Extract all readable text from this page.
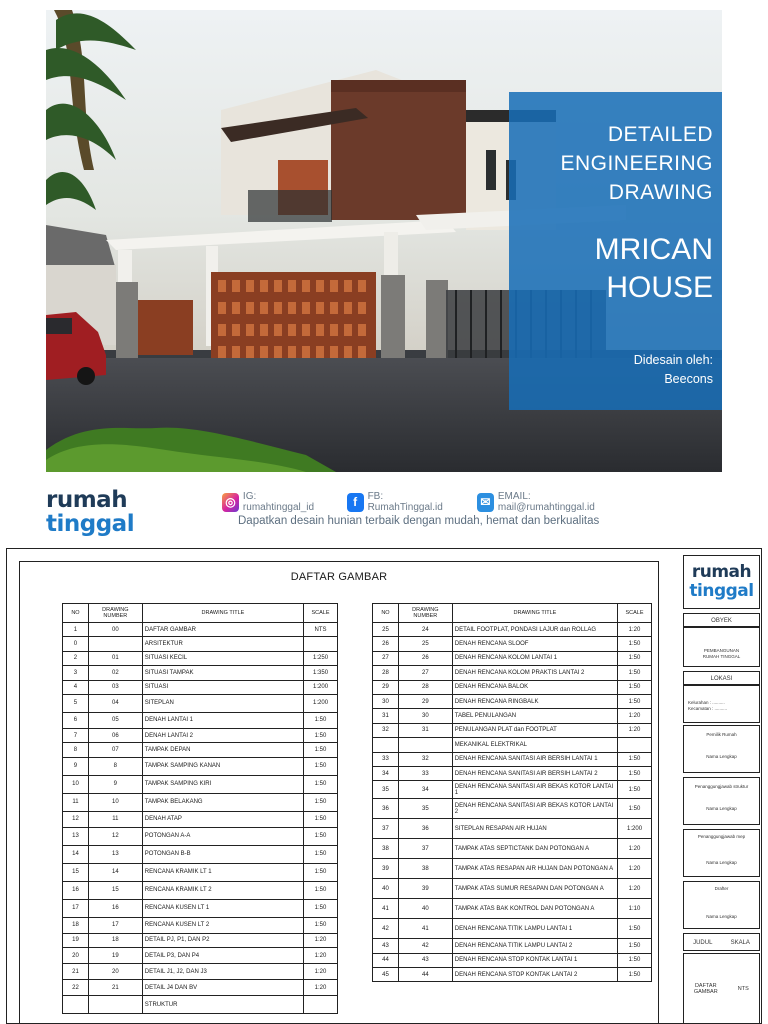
DETAILED
ENGINEERING
DRAWING
MRICAN
HOUSE
Didesain oleh:
Beecons
rumah
tinggal
◎ IG: rumahtinggal_id	f	FB: RumahTinggal.id	✉ EMAIL: mail@rumahtinggal.id
Dapatkan desain hunian terbaik dengan mudah, hemat dan berkualitas
DAFTAR GAMBAR
NO	DRAWING NUMBER	DRAWING TITLE	SCALE
1	00	DAFTAR GAMBAR	NTS
0		ARSITEKTUR	
2	01	SITUASI KECIL	1:250
3	02	SITUASI TAMPAK	1:350
4	03	SITUASI	1:200
5	04	SITEPLAN	1:200
6	05	DENAH LANTAI 1	1:50
7	06	DENAH LANTAI 2	1:50
8	07	TAMPAK DEPAN	1:50
9	8	TAMPAK SAMPING KANAN	1:50
10	9	TAMPAK SAMPING KIRI	1:50
11	10	TAMPAK BELAKANG	1:50
12	11	DENAH ATAP	1:50
13	12	POTONGAN A-A	1:50
14	13	POTONGAN B-B	1:50
15	14	RENCANA KRAMIK LT 1	1:50
16	15	RENCANA KRAMIK LT 2	1:50
17	16	RENCANA KUSEN LT 1	1:50
18	17	RENCANA KUSEN LT 2	1:50
19	18	DETAIL PJ, P1, DAN P2	1:20
20	19	DETAIL P3, DAN P4	1:20
21	20	DETAIL J1, J2, DAN J3	1:20
22	21	DETAIL J4 DAN BV	1:20
		STRUKTUR	
NO	DRAWING NUMBER	DRAWING TITLE	SCALE
25	24	DETAIL FOOTPLAT, PONDASI LAJUR dan ROLLAG	1:20
26	25	DENAH RENCANA SLOOF	1:50
27	26	DENAH RENCANA KOLOM LANTAI 1	1:50
28	27	DENAH RENCANA KOLOM PRAKTIS LANTAI 2	1:50
29	28	DENAH RENCANA BALOK	1:50
30	29	DENAH RENCANA RINGBALK	1:50
31	30	TABEL PENULANGAN	1:20
32	31	PENULANGAN PLAT dan FOOTPLAT	1:20
		MEKANIKAL ELEKTRIKAL	
33	32	DENAH RENCANA SANITASI AIR BERSIH LANTAI 1	1:50
34	33	DENAH RENCANA SANITASI AIR BERSIH LANTAI 2	1:50
35	34	DENAH RENCANA SANITASI AIR BEKAS KOTOR LANTAI 1	1:50
36	35	DENAH RENCANA SANITASI AIR BEKAS KOTOR LANTAI 2	1:50
37	36	SITEPLAN RESAPAN AIR HUJAN	1:200
38	37	TAMPAK ATAS SEPTICTANK DAN POTONGAN A	1:20
39	38	TAMPAK ATAS RESAPAN AIR HUJAN DAN POTONGAN A	1:20
40	39	TAMPAK ATAS SUMUR RESAPAN DAN POTONGAN A	1:20
41	40	TAMPAK ATAS BAK KONTROL DAN POTONGAN A	1:10
42	41	DENAH RENCANA TITIK LAMPU LANTAI 1	1:50
43	42	DENAH RENCANA TITIK LAMPU LANTAI 2	1:50
44	43	DENAH RENCANA STOP KONTAK LANTAI 1	1:50
45	44	DENAH RENCANA STOP KONTAK LANTAI 2	1:50
rumah
tinggal
OBYEK
PEMBANGUNAN RUMAH TINGGAL
LOKASI
Kelurahan : ..........
Kecamatan : ..........
Pemilik Rumah
Nama Lengkap
Penanggungjawab struktur
Nama Lengkap
Penanggungjawab mep
Nama Lengkap
Drafter
Nama Lengkap
JUDUL	SKALA
DAFTAR GAMBAR	NTS
